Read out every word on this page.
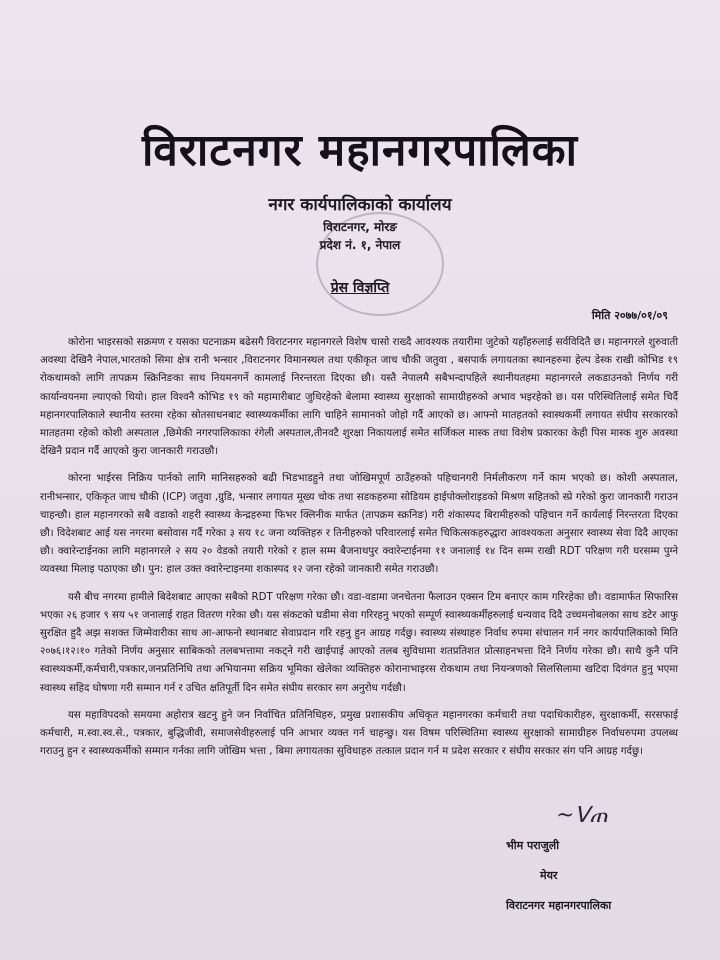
विराटनगर महानगरपालिका
नगर कार्यपालिकाको कार्यालय
विराटनगर, मोरङ
प्रदेश नं. १, नेपाल
प्रेस विज्ञप्ति
मिति २०७७/०१/०९

कोरोना भाइरसको सक्रमण र यसका घटनाक्रम बढेसगै विराटनगर महानगरले विशेष चासो राख्दै आवश्यक तयारीमा जुटेको यहाँहरुलाई सर्वविदितै छ। महानगरले शुरुवाती अवस्था देखिनै नेपाल,भारतको सिमा क्षेत्र रानी भन्सार ,विराटनगर विमानस्थल तथा एकीकृत जाच चौकी जतुवा , बसपार्क लगायतका स्थानहरुमा हेल्प डेस्क राखी कोभिड १९ रोकथामको लागि तापक्रम स्क्रिनिङका साथ नियमनगर्ने कामलाई निरन्तरता दिएका छौ। यस्तै नेपालमै सबैभन्दापहिले स्थानीयतहमा महानगरले लकडाउनको निर्णय गरी कार्यान्वयनमा ल्याएको थियो। हाल विश्वनै कोभिड १९ को महामारीबाट जुधिरहेको बेलामा स्वास्थ्य सुरक्षाको सामाग्रीहरुको अभाव भइरहेको छ। यस परिस्थितिलाई समेत चिर्दै महानगरपालिकाले स्थानीय स्तरमा रहेका स्रोतसाधनबाट स्वास्थ्यकर्मीका लागि चाहिने सामानको जोहो गर्दै आएको छ। आफ्नो मातहतको स्वास्थकर्मी लगायत संघीय सरकारको मातहतमा रहेको कोशी अस्पताल ,छिमेकी नगरपालिकाका रंगेली अस्पताल,तीनवटै शुरक्षा निकायलाई समेत सर्जिकल मास्क तथा विशेष प्रकारका केही पिस मास्क शुरु अवस्था देखिनै प्रदान गर्दै आएको कुरा जानकारी गराउछौ।

कोरना भाईरस निक्रिय पार्नको लागि मानिसहरुको बढी भिडभाडहुने तथा जोखिमपूर्ण ठाउँहरुको पहिचानगरी निर्मलीकरण गर्ने काम भएको छ। कोशी अस्पताल, रानीभन्सार, एकिकृत जाच चौकी (ICP) जतुवा ,ग्रुडि, भन्सार लगायत मूख्य चोक तथा सडकहरुमा सोडियम हाईपोक्लोराइडको मिश्रण सहितको स्प्रे गरेको कुरा जानकारी गराउन चाहन्छौ। हाल महानगरको सबै वडाको शहरी स्वास्थ्य केन्द्रहरुमा फिभर क्लिनीक मार्फत (तापक्रम स्क्रनिङ) गरी शंकास्पद बिरामीहरुको पहिचान गर्ने कार्यलाई निरन्तरता दिएका छौ। विदेशबाट आई यस नगरमा बसोवास गर्दै गरेका ३ सय १८ जना व्यक्तिहरु र तिनीहरुको परिवारलाई समेत चिकित्सकहरुद्धारा आवश्यकता अनुसार स्वास्थ्य सेवा दिदै आएका छौ। क्वारेन्टाईनका लागि महानगरले २ सय २० वेडको तयारी गरेको र हाल सम्म बैजनाथपुर क्वारेन्टाईनमा ११ जनालाई १४ दिन सम्म राखी RDT परिक्षण गरी घरसम्म पुग्ने व्यवस्था मिलाइ पठाएका छौ। पुन: हाल उक्त क्वारेन्टाइनमा शकास्पद १२ जना रहेको जानकारी समेत गराउछौ।

यसै बीच नगरमा हामीले बिदेशबाट आएका सबैको RDT परिक्षण गरेका छौ। वडा-वडामा जनचेतना फैलाउन एक्सन टिम बनाएर काम गरिरहेका छौ। वडामार्फत सिफारिस भएका २६ हजार ९ सय ५१ जनालाई राहत वितरण गरेका छौ। यस संकटको घडीमा सेवा गरिरहनु भएको सम्पूर्ण स्वास्थ्यकर्मीहरुलाई धन्यवाद दिदै उच्चमनोबलका साथ डटेर आफु सुरक्षित हुदै अझ सशक्त जिम्मेवारीका साथ आ-आफनो स्थानबाट सेवाप्रदान गरि रहनु हुन आग्रह गर्दछु। स्वास्थ्य संस्थाहरु निर्वाध रुपमा संचालन गर्न नगर कार्यपालिकाको मिति २०७६।१२।१० गतेको निर्णय अनुसार साबिकको तलबभत्तामा नकट्ने गरी खाईपाई आएको तलब सुविधामा शतप्रतिशत प्रोत्साहनभत्ता दिने निर्णय गरेका छौ। साथै कुनै पनि स्वास्थ्यकर्मी,कर्मचारी,पत्रकार,जनप्रतिनिधि तथा अभियानमा सक्रिय भूमिका खेलेका व्यक्तिहरु कोरानाभाइरस रोकथाम तथा नियन्त्रणको सिलसिलामा खटिदा दिवंगत हुनु भएमा स्वास्थ्य सहिद घोषणा गरी सम्मान गर्न र उचित क्षतिपूर्ती दिन समेत संघीय सरकार सग अनुरोध गर्दछौ।

यस महाविपदको समयमा अहोरात्र खटनु हुने जन निर्वाचित प्रतिनिधिहरु, प्रमुख प्रशासकीय अधिकृत महानगरका कर्मचारी तथा पदाधिकारीहरु, सुरक्षाकर्मी, सरसफाई कर्मचारी, म.स्वा.स्व.से., पत्रकार, बुद्धिजीवी, समाजसेवीहरुलाई पनि आभार व्यक्त गर्न चाहन्छु। यस विषम परिस्थितिमा स्वास्थ्य सुरक्षाको सामाग्रीहरु निर्वाधरुपमा उपलब्ध गराउनु हुन र स्वास्थ्यकर्मीको सम्मान गर्नका लागि जोखिम भत्ता , बिमा लगायतका सुविधाहरु तत्काल प्रदान गर्न म प्रदेश सरकार र संघीय सरकार संग पनि आग्रह गर्दछु।

~ᐯጠ
भीम पराजुली
मेयर
विराटनगर महानगरपालिका
